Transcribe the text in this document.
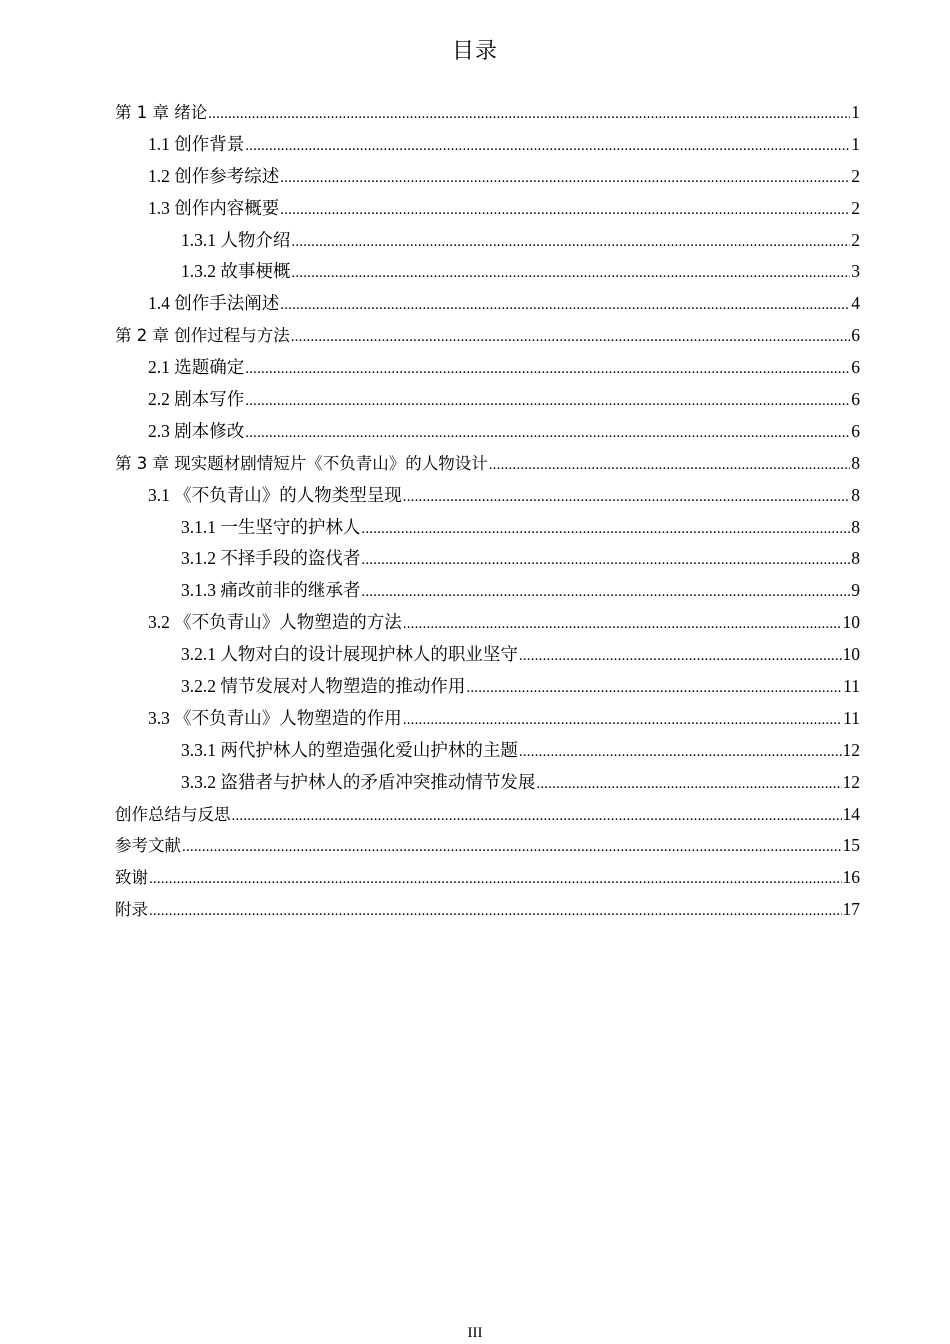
目录
第 1 章 绪论 .....	1
1.1 创作背景 .....	1
1.2 创作参考综述 .....	2
1.3 创作内容概要 .....	2
1.3.1 人物介绍 .....	2
1.3.2 故事梗概 .....	3
1.4 创作手法阐述 .....	4
第 2 章 创作过程与方法 .....	6
2.1 选题确定 .....	6
2.2 剧本写作 .....	6
2.3 剧本修改 .....	6
第 3 章 现实题材剧情短片《不负青山》的人物设计 .....	8
3.1 《不负青山》的人物类型呈现 .....	8
3.1.1 一生坚守的护林人 .....	8
3.1.2 不择手段的盗伐者 .....	8
3.1.3 痛改前非的继承者 .....	9
3.2 《不负青山》人物塑造的方法 .....	10
3.2.1 人物对白的设计展现护林人的职业坚守 .....	10
3.2.2 情节发展对人物塑造的推动作用 .....	11
3.3 《不负青山》人物塑造的作用 .....	11
3.3.1 两代护林人的塑造强化爱山护林的主题 .....	12
3.3.2 盗猎者与护林人的矛盾冲突推动情节发展 .....	12
创作总结与反思 .....	14
参考文献 .....	15
致谢 .....	16
附录 .....	17
III
